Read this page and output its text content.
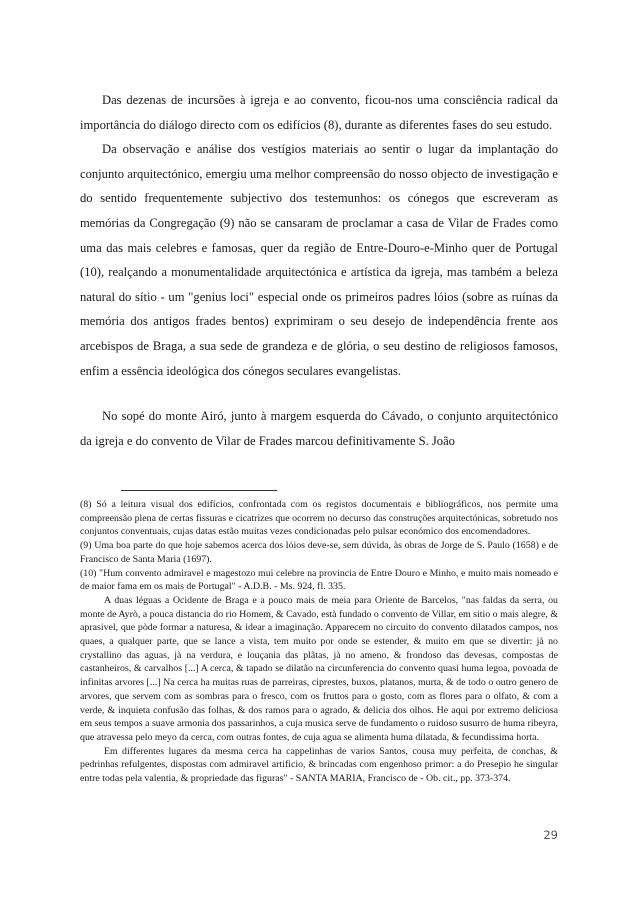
Das dezenas de incursões à igreja e ao convento, ficou-nos uma consciência radical da importância do diálogo directo com os edifícios (8), durante as diferentes fases do seu estudo.

Da observação e análise dos vestígios materiais ao sentir o lugar da implantação do conjunto arquitectónico, emergiu uma melhor compreensão do nosso objecto de investigação e do sentido frequentemente subjectivo dos testemunhos: os cónegos que escreveram as memórias da Congregação (9) não se cansaram de proclamar a casa de Vilar de Frades como uma das mais celebres e famosas, quer da região de Entre-Douro-e-Minho quer de Portugal (10), realçando a monumentalidade arquitectónica e artística da igreja, mas também a beleza natural do sítio - um "genius loci" especial onde os primeiros padres lóios (sobre as ruínas da memória dos antigos frades bentos) exprimiram o seu desejo de independência frente aos arcebispos de Braga, a sua sede de grandeza e de glória, o seu destino de religiosos famosos, enfim a essência ideológica dos cónegos seculares evangelistas.

No sopé do monte Airó, junto à margem esquerda do Cávado, o conjunto arquitectónico da igreja e do convento de Vilar de Frades marcou definitivamente S. João

(8) Só a leitura visual dos edifícios, confrontada com os registos documentais e bibliográficos, nos permite uma compreensão plena de certas fissuras e cicatrizes que ocorrem no decurso das construções arquitectónicas, sobretudo nos conjuntos conventuais, cujas datas estão muitas vezes condicionadas pelo pulsar económico dos encomendadores.

(9) Uma boa parte do que hoje sabemos acerca dos lóios deve-se, sem dúvida, às obras de Jorge de S. Paulo (1658) e de Francisco de Santa Maria (1697).

(10) "Hum convento admiravel e magestozo mui celebre na provincia de Entre Douro e Minho, e muito mais nomeado e de maior fama em os mais de Portugal" - A.D.B. - Ms. 924, fl. 335.

A duas léguas a Ocidente de Braga e a pouco mais de meia para Oriente de Barcelos, "nas faldas da serra, ou monte de Ayrò, a pouca distancia do rio Homem, & Cavado, està fundado o convento de Villar, em sitio o mais alegre, & aprasivel, que pòde formar a naturesa, & idear a imaginação. Apparecem no circuito do convento dilatados campos, nos quaes, a qualquer parte, que se lance a vista, tem muito por onde se estender, & muito em que se divertir: jà no crystallino das aguas, jà na verdura, e louçania das plãtas, jà no ameno, & frondoso das devesas, compostas de castanheiros, & carvalhos [...] A cerca, & tapado se dilatão na circunferencia do convento quasi huma legoa, povoada de infinitas arvores [...] Na cerca ha muitas ruas de parreiras, ciprestes, buxos, platanos, murta, & de todo o outro genero de arvores, que servem com as sombras para o fresco, com os fruttos para o gosto, com as flores para o olfato, & com a verde, & inquieta confusão das folhas, & dos ramos para o agrado, & delicia dos olhos. He aqui por extremo deliciosa em seus tempos a suave armonia dos passarinhos, a cuja musica serve de fundamento o ruidoso susurro de huma ribeyra, que atravessa pelo meyo da cerca, com outras fontes, de cuja agua se alimenta huma dilatada, & fecundissima horta.

Em differentes lugares da mesma cerca ha cappelinhas de varios Santos, cousa muy perfeita, de conchas, & pedrinhas refulgentes, dispostas com admiravel artificio, & brincadas com engenhoso primor: a do Presepio he singular entre todas pela valentia, & propriedade das figuras" - SANTA MARIA, Francisco de - Ob. cit., pp. 373-374.

29
